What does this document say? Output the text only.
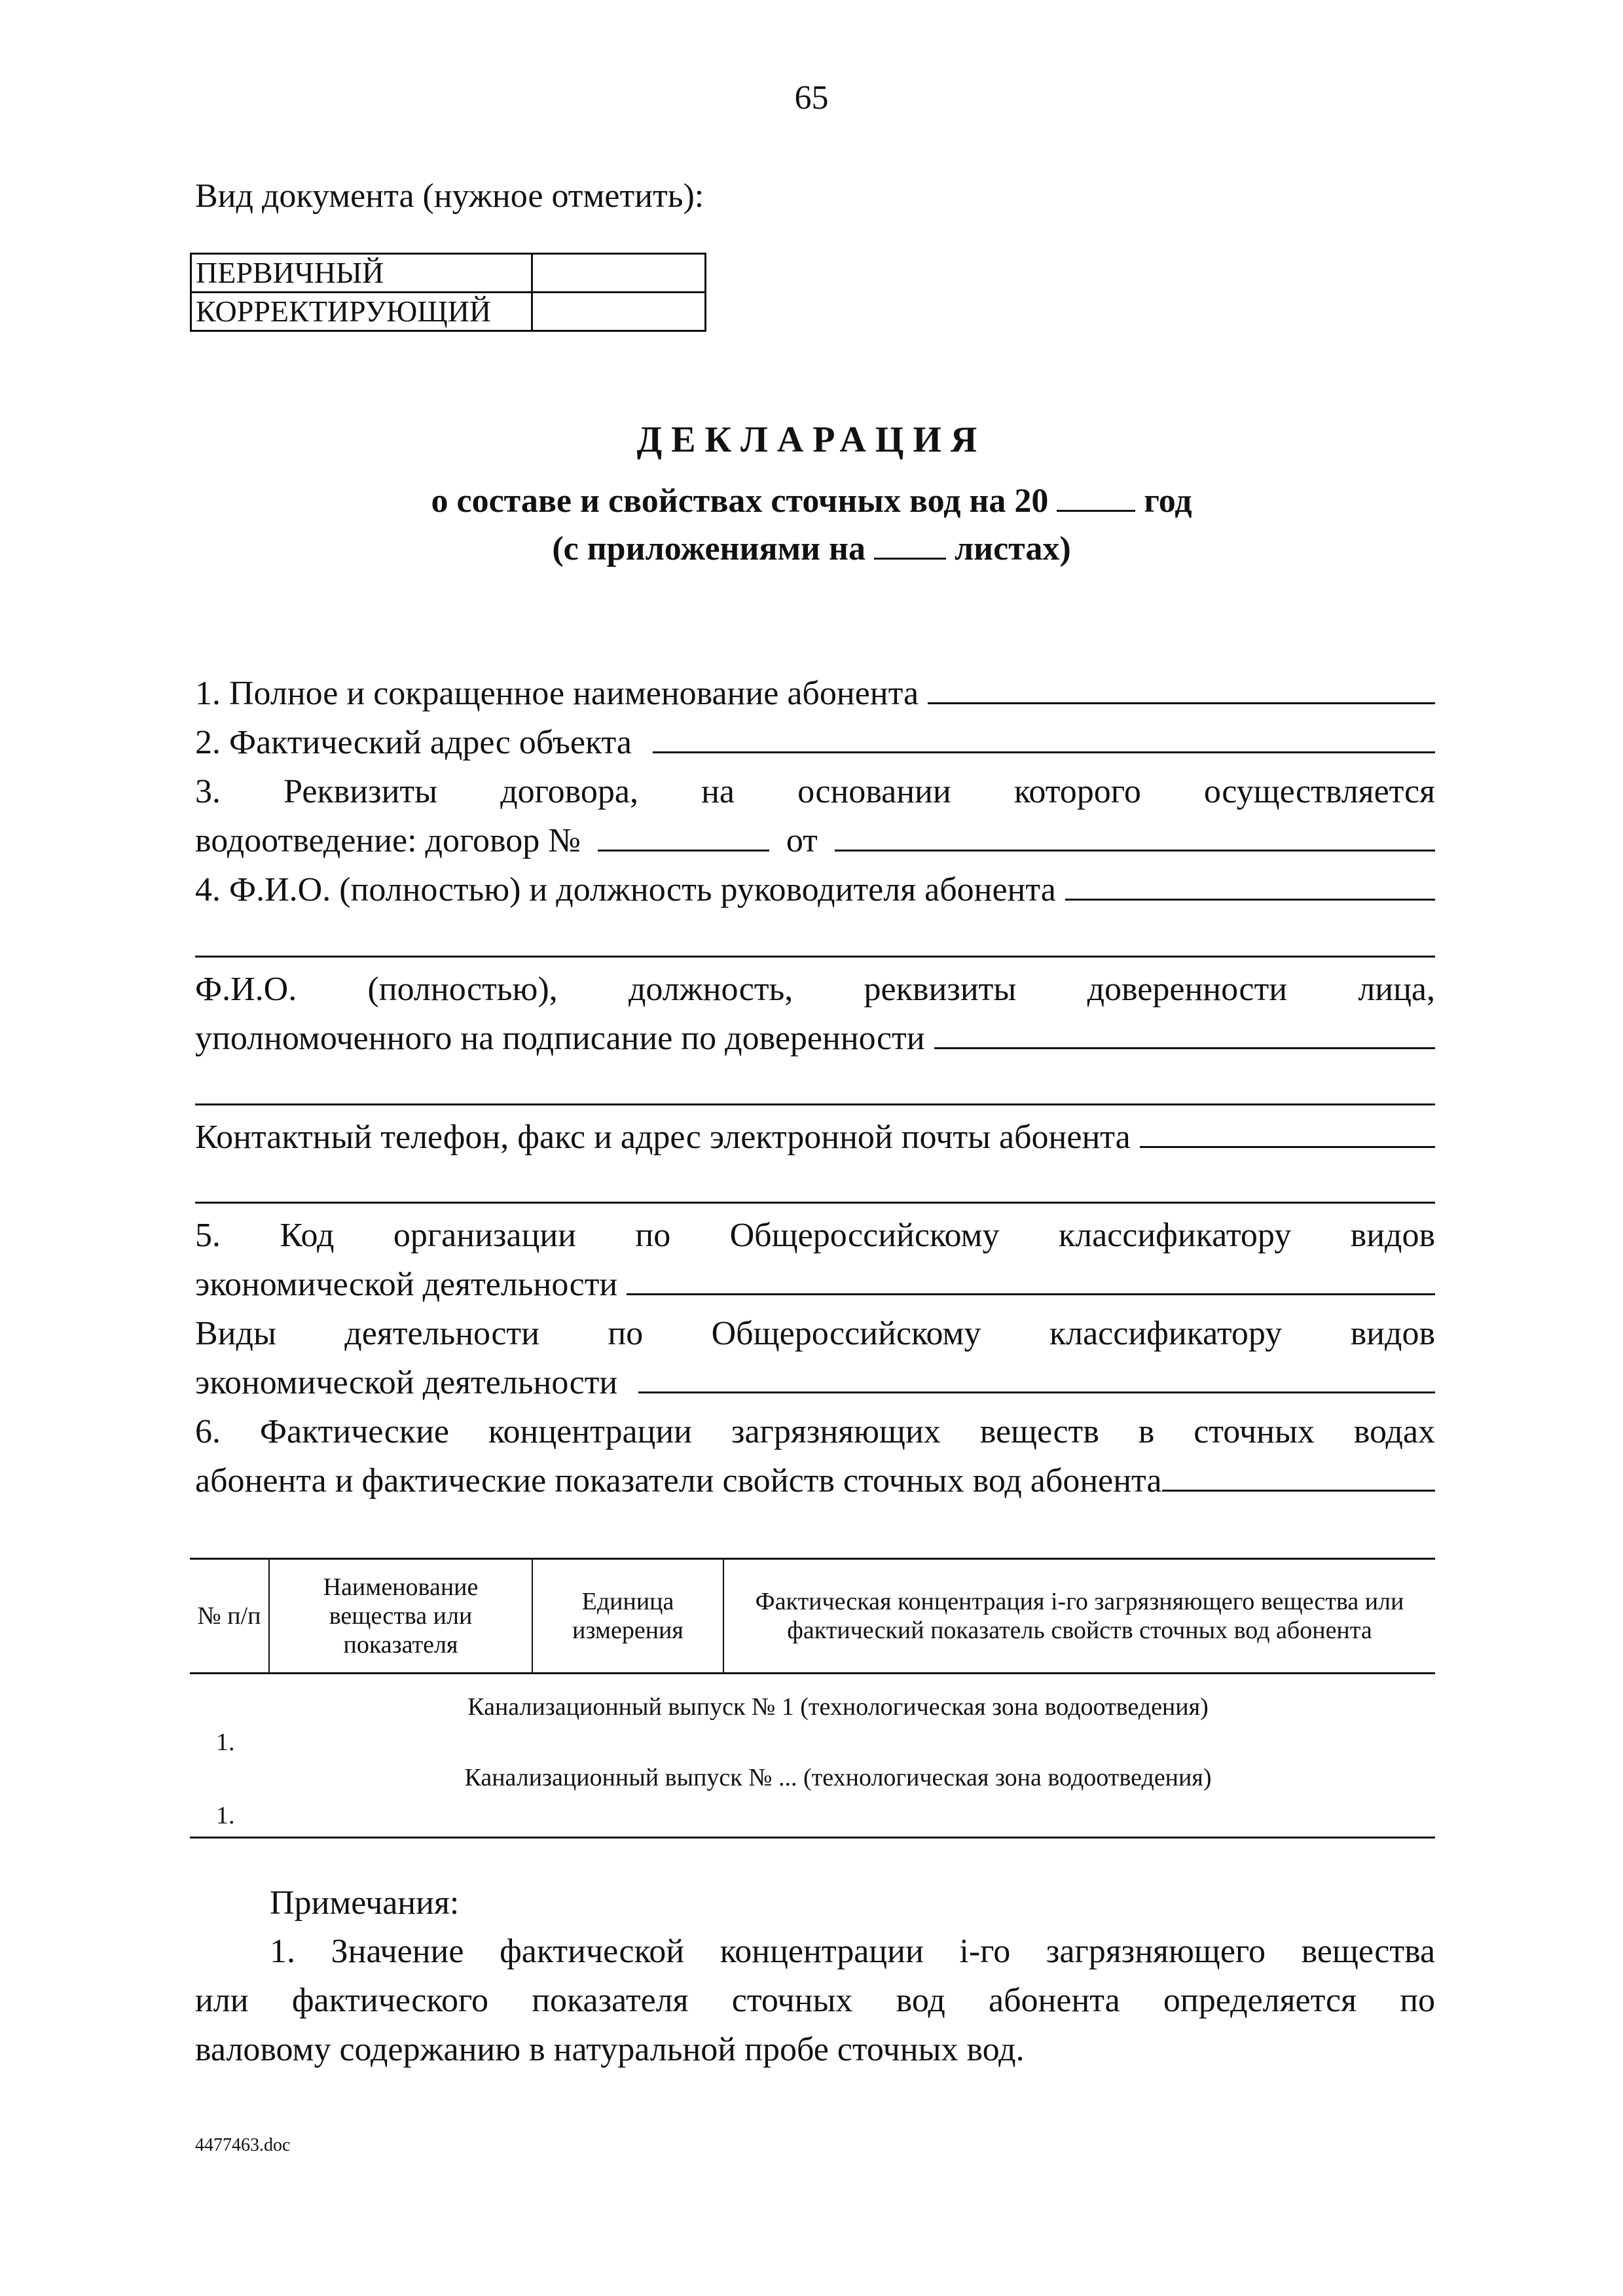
65
Вид документа (нужное отметить):
ПЕРВИЧНЫЙ	
КОРРЕКТИРУЮЩИЙ	
ДЕКЛАРАЦИЯ
о составе и свойствах сточных вод на 20	год
(с приложениями на	листах)
1. Полное и сокращенное наименование абонента
2. Фактический адрес объекта
3. Реквизиты договора, на основании которого осуществляется
водоотведение: договор №	от
4. Ф.И.О. (полностью) и должность руководителя абонента
Ф.И.О. (полностью), должность, реквизиты доверенности лица,
уполномоченного на подписание по доверенности
Контактный телефон, факс и адрес электронной почты абонента
5. Код организации по Общероссийскому классификатору видов
экономической деятельности
Виды деятельности по Общероссийскому классификатору видов
экономической деятельности
6. Фактические концентрации загрязняющих веществ в сточных водах
абонента и фактические показатели свойств сточных вод абонента
№ п/п	Наименование вещества или показателя	Единица измерения	Фактическая концентрация i-го загрязняющего вещества или фактический показатель свойств сточных вод абонента
Канализационный выпуск № 1 (технологическая зона водоотведения)
1.
Канализационный выпуск № ... (технологическая зона водоотведения)
1.
Примечания:
1. Значение фактической концентрации i-го загрязняющего вещества
или фактического показателя сточных вод абонента определяется по
валовому содержанию в натуральной пробе сточных вод.
4477463.doc
